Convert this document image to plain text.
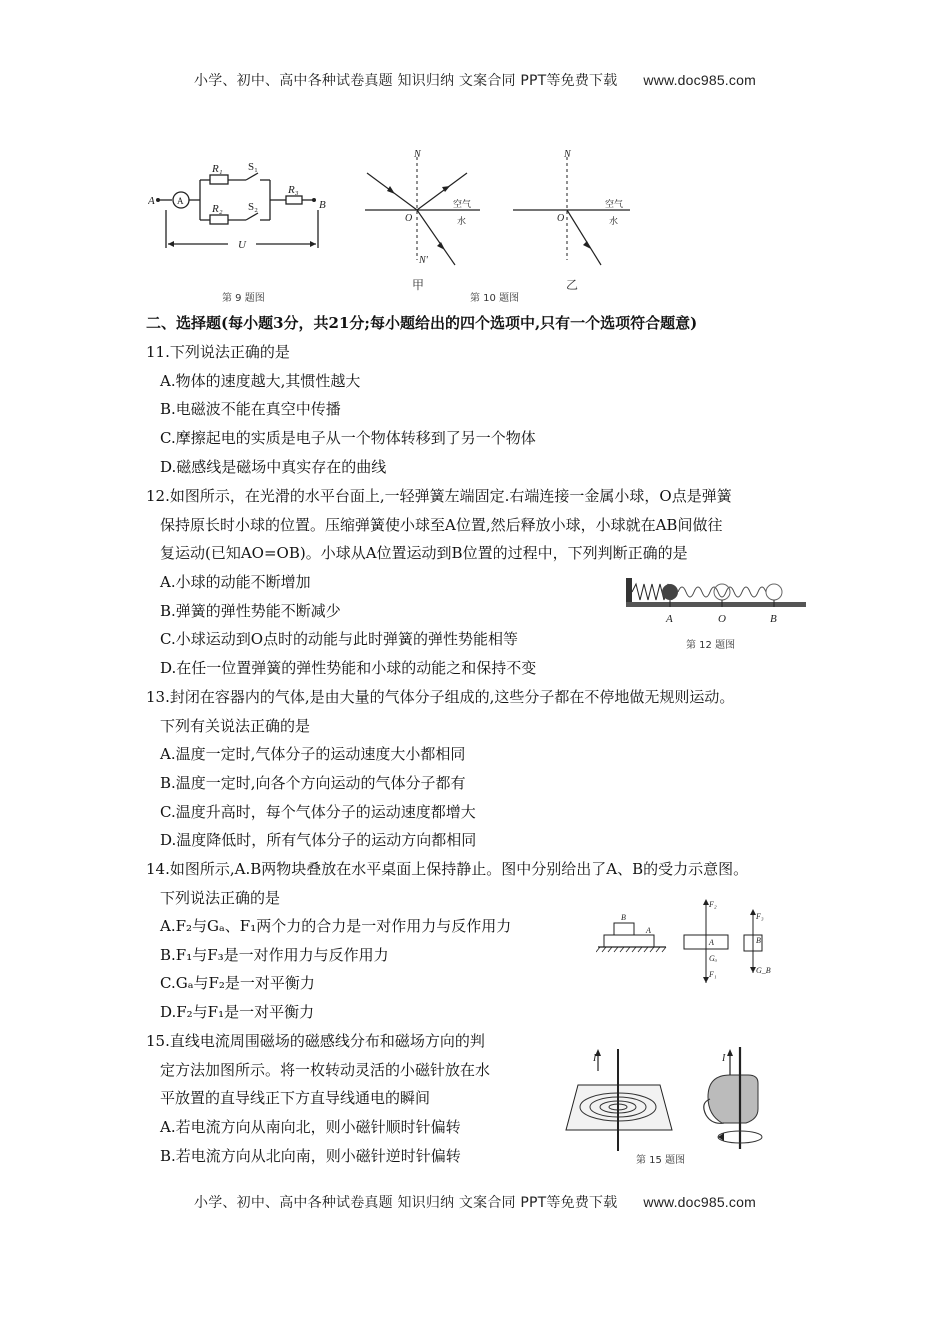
小学、初中、高中各种试卷真题 知识归纳 文案合同 PPT等免费下载 www.doc985.com
A A	B
R₁
R₂
R₃
S₁
S₂
U
第 9 题图
N
O
N'
空气
水
甲
第 10 题图
N
O
空气
水
乙
二、选择题(每小题3分，共21分;每小题给出的四个选项中,只有一个选项符合题意)
11.下列说法正确的是
A.物体的速度越大,其惯性越大
B.电磁波不能在真空中传播
C.摩擦起电的实质是电子从一个物体转移到了另一个物体
D.磁感线是磁场中真实存在的曲线
12.如图所示，在光滑的水平台面上,一轻弹簧左端固定.右端连接一金属小球，O点是弹簧
保持原长时小球的位置。压缩弹簧使小球至A位置,然后释放小球，小球就在AB间做往
复运动(已知AO=OB)。小球从A位置运动到B位置的过程中，下列判断正确的是
A.小球的动能不断增加
B.弹簧的弹性势能不断减少
C.小球运动到O点时的动能与此时弹簧的弹性势能相等
D.在任一位置弹簧的弹性势能和小球的动能之和保持不变
A	O	B
第 12 题图
13.封闭在容器内的气体,是由大量的气体分子组成的,这些分子都在不停地做无规则运动。
下列有关说法正确的是
A.温度一定时,气体分子的运动速度大小都相同
B.温度一定时,向各个方向运动的气体分子都有
C.温度升高时，每个气体分子的运动速度都增大
D.温度降低时，所有气体分子的运动方向都相同
14.如图所示,A.B两物块叠放在水平桌面上保持静止。图中分别给出了A、B的受力示意图。
下列说法正确的是
A.F₂与Gₐ、F₁两个力的合力是一对作用力与反作用力
B.F₁与F₃是一对作用力与反作用力
C.Gₐ与F₂是一对平衡力
D.F₂与F₁是一对平衡力
B
A
F₂
A
Gₐ
F₁
F₃
B
G_B
15.直线电流周围磁场的磁感线分布和磁场方向的判
定方法加图所示。将一枚转动灵活的小磁针放在水
平放置的直导线正下方直导线通电的瞬间
A.若电流方向从南向北，则小磁针顺时针偏转
B.若电流方向从北向南，则小磁针逆时针偏转
I	I
第 15 题图
小学、初中、高中各种试卷真题 知识归纳 文案合同 PPT等免费下载 www.doc985.com
